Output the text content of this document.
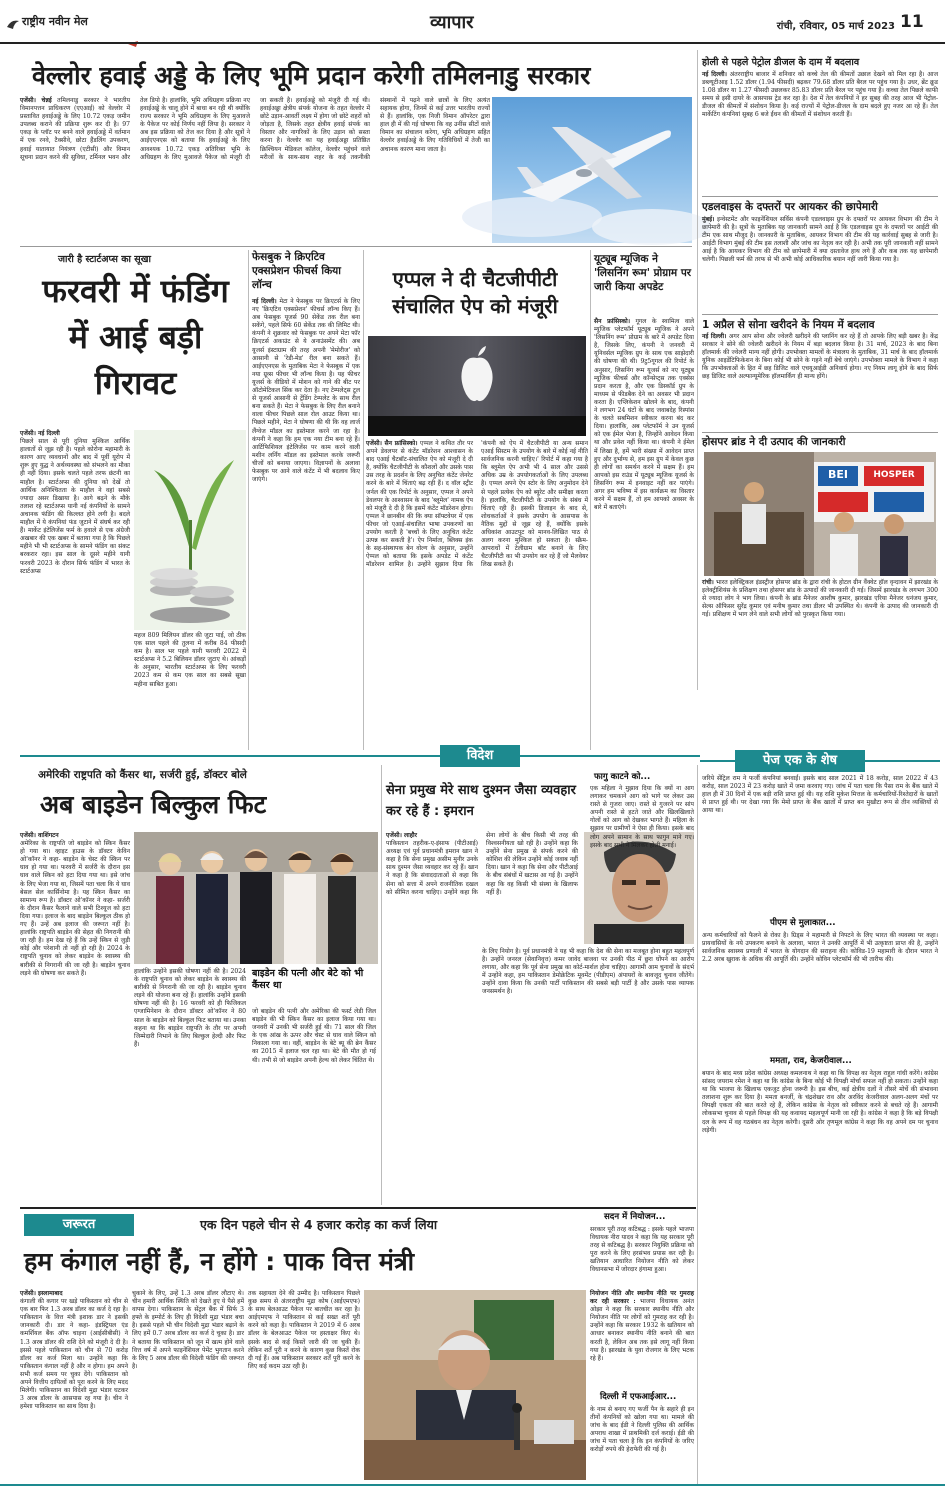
राष्ट्रीय नवीन मेल	व्यापार	रांची, रविवार, 05 मार्च 2023 11
वेल्लोर हवाई अड्डे के लिए भूमि प्रदान करेगी तमिलनाडु सरकार
एजेंसी। चेन्नई तमिलनाडु सरकार ने भारतीय विमानपत्तन प्राधिकरण (एएआई) को वेल्लोर में प्रस्तावित हवाईअड्डे के लिए 10.72 एकड़ जमीन उपलब्ध कराने की प्रक्रिया शुरू कर दी है। 97 एकड़ के प्लॉट पर बनने वाले हवाईअड्डे में वर्तमान में एक रनवे, टैक्सीवे, छोटा हैंडलिंग उपकरण, हवाई यातायात नियंत्रण (एटीसी) और विमान सूचना प्रदान करने की सुविधा, टर्मिनल भवन और तेल डिपो है। हालांकि, भूमि अधिग्रहण प्रक्रिया नए हवाईअड्डे के चालू होने में बाधा बन रही थी क्योंकि राज्य सरकार ने भूमि अधिग्रहण के लिए मुआवजे के पैकेज पर कोई निर्णय नहीं लिया है। सरकार ने अब इस प्रक्रिया को तेज कर दिया है और सूत्रों ने आईएएनएस को बताया कि हवाईअड्डे के लिए आवश्यक 10.72 एकड़ अतिरिक्त भूमि के अधिग्रहण के लिए मुआवजे पैकेज को मंजूरी दी जा सकती है। हवाईअड्डे को मंजूरी दी गई थी। हवाईअड्डा क्षेत्रीय संपर्क योजना के तहत वेल्लोर में छोटे उड़ान-आवर्ती लक्ष्य में होगा जो छोटे शहरों को जोड़ता है, जिसके तहत क्षेत्रीय हवाई संपर्क का विस्तार और नागरिकों के लिए उड़ान को सस्ता करना है। वेल्लोर का यह हवाईअड्डा प्रतिष्ठित क्रिश्चियन मेडिकल कॉलेज, वेल्लोर पहुंचने वाले मरीजों के साथ-साथ शहर के कई तकनीकी संस्थानों में पढ़ने वाले छात्रों के लिए अत्यंत सहायक होगा, जिनमें से कई उत्तर भारतीय राज्यों से हैं। हालांकि, एक निजी विमान ऑपरेटर द्वारा हाल ही में की गई घोषणा कि वह उनींस सीटों वाले विमान का संचालन करेगा, भूमि अधिग्रहण सहित वेल्लोर हवाईअड्डे के लिए गतिविधियों में तेजी का अचानक कारण माना जाता है।
होली से पहले पेट्रोल डीजल के दाम में बदलाव
नई दिल्ली। अंतरराष्ट्रीय बाजार में शनिवार को कच्चे तेल की कीमतों उछाल देखने को मिल रहा है। आज डब्ल्यूटीआइ 1.52 डॉलर (1.94 फीसदी) बढ़कर 79.68 डॉलर प्रति बैरल पर पहुंच गया है। उधर, ब्रेंट क्रूड 1.08 डॉलर या 1.27 फीसदी उछलकर 85.83 डॉलर प्रति बैरल पर पहुंच गया है। कच्चा तेल पिछले काफी समय से इसी दायरे के आसपास ट्रेड कर रहा है। देश में तेल कंपनियों ने हर सुबह की तरह आज भी पेट्रोल-डीजल की कीमतों में संशोधन किया है। कई राज्यों में पेट्रोल-डीजल के दाम बदले हुए नजर आ रहे हैं। तेल मार्केटिंग कंपनियां सुबह 6 बजे ईंधन की कीमतों में संशोधन करती हैं।
एडलवाइस के दफ्तरों पर आयकर की छापेमारी
मुंबई। इन्वेस्टमेंट और फाइनेंशियल सर्विस कंपनी एडलवाइस ग्रुप के दफ्तरों पर आयकर विभाग की टीम ने छापेमारी की है। सूत्रों के मुताबिक यह जानकारी सामने आई है कि एडलवाइस ग्रुप के दफ्तरों पर आईटी की टीम एक साथ मौजूद है। जानकारी के मुताबिक, आयकर विभाग की टीम की यह कार्रवाई सुबह से जारी है। आईटी विभाग मुंबई की टीम इस तलाशी और जांच का नेतृत्व कर रही है। अभी तक पूरी जानकारी नहीं सामने आई है कि आयकर विभाग की टीम को छापेमारी में क्या दस्तावेज हाथ लगे हैं और कब तक यह छापेमारी चलेगी। पिछली फर्म की तरफ से भी अभी कोई आधिकारिक बयान नहीं जारी किया गया है।
1 अप्रैल से सोना खरीदने के नियम में बदलाव
नई दिल्ली। अगर आप सोना और ज्वेलरी खरीदने की प्लानिंग कर रहे हैं तो आपके लिए बड़ी खबर है। केंद्र सरकार ने सोने की ज्वेलरी खरीदने के नियम में बड़ा बदलाव किया है। 31 मार्च, 2023 के बाद बिना हॉलमार्क की ज्वेलरी मान्य नहीं होगी। उपभोक्ता मामलों के मंत्रालय के मुताबिक, 31 मार्च के बाद हॉलमार्क यूनिक आइडेंटिफिकेशन के बिना कोई भी सोने के गहने नहीं बेचे जाएंगे। उपभोक्ता मामले के विभाग ने कहा कि उपभोक्ताओं के हित में छह डिजिट वाले एचयूआईडी अनिवार्य होगा। नए नियम लागू होने के बाद सिर्फ छह डिजिट वाले अल्फान्यूमेरिक हॉलमार्किंग ही मान्य होंगे।
होसपर ब्रांड ने दी उत्पाद की जानकारी
BEI	HOSPER
रांची। भारत इलेक्ट्रिकल इंडस्ट्रीज होसपर ब्रांड के द्वारा रांची के होटल ग्रीन वैंक्वेट हॉल वृन्दावन में झारखंड के इलेक्ट्रीशियंस के प्रशिक्षण तथा होसपर ब्रांड के उत्पादों की जानकारी दी गई। जिसमें झारखंड के लगभग 300 से ज्यादा लोग ने भाग लिया। कंपनी के ब्रांड मैनेजर आशीष कुमार, झारखंड एरिया मैनेजर धनंजय कुमार, सेल्स ऑफिसर सुरेंद्र कुमार एवं मनीष कुमार तथा डीलर भी उपस्थित थे। कंपनी के उत्पाद की जानकारी दी गई। प्रशिक्षण में भाग लेने वाले सभी लोगों को पुरस्कृत किया गया।
जारी है स्टार्टअप्स का सूखा
फरवरी में फंडिंग में आई बड़ी गिरावट
एजेंसी। नई दिल्ली
पिछले साल से पूरी दुनिया मुश्किल आर्थिक हालातों से जूझ रही है। पहले कोरोना महामारी के कारण आए व्यवधानों और बाद में पूर्वी यूरोप में शुरू हुए युद्ध ने अर्थव्यवस्था को संभलने का मौका ही नहीं दिया। इसके चलते पहले तरफ छंटनी का माहौल है। स्टार्टअप्स की दुनिया को देखें तो आर्थिक अनिश्चितता के माहौल ने वहां सबसे ज्यादा असर डिखाया है। आगे बढ़ने के मौके तलाश रहे स्टार्टअप्स यानी नई कंपनियों के सामने अचानक फंडिंग की किल्लत होने लगी है। बदले माहौल में ये कंपनियां फंड जुटाने में संघर्ष कर रही हैं। मार्केट इंटेलिजेंस फर्म के हवाले से एक अंग्रेजी अखबार की एक खबर में बताया गया है कि पिछले महीने भी भी स्टार्टअप्स के सामने फंडिंग का संकट बरकरार रहा। इस साल के दूसरे महीने यानी फरवरी 2023 के दौरान सिर्फ फंडिंग में भारत के स्टार्टअप्स
महज 809 मिलियन डॉलर की जुटा पाई, जो ठीक एक साल पहले की तुलना में करीब 84 फीसदी कम है। साल भर पहले यानी फरवरी 2022 में स्टार्टअप्स ने 5.2 बिलियन डॉलर जुटाए थे। आंकड़ों के अनुसार, भारतीय स्टार्टअप्स के लिए फरवरी 2023 कम से कम एक साल का सबसे सूखा महीना साबित हुआ।
फेसबुक ने क्रिएटिव एक्सप्रेशन फीचर्स किया लॉन्च
नई दिल्ली। मेटा ने फेसबुक पर क्रिएटर्स के लिए नए 'क्रिएटिव एक्सप्रेशन' फीचर्स लॉन्च किए हैं। अब फेसबुक यूजर्स 90 सेकेंड तक रील बना सकेंगे, पहले सिर्फ 60 सेकेंड तक की लिमिट थी। कंपनी ने शुक्रवार को फेसबुक पर अपने मेटा फॉर क्रिएटर्स अकाउंट से ये अनाउंसमेंट की। अब यूजर्स इंस्टाग्राम की तरह अपनी 'मेमोरीज' को आसानी से 'रेडी-मेड' रील बना सकते हैं। आईएएनएस के मुताबिक मेटा ने फेसबुक में एक नया ग्रूव्स फीचर भी लॉन्च किया है। यह फीचर यूजर्स के वीडियो में मोशन को गाने की बीट पर ऑटोमेटिकल सिंक कर देता है। नए टेम्पलेट्स टूल से यूजर्स आसानी से ट्रेंडिंग टेम्पलेट के साथ रील बना सकते हैं। मेटा ने फेसबुक के लिए रील बनाने वाला फीचर पिछले साल रोल आउट किया था। पिछले महीने, मेटा ने घोषणा की थी कि वह लार्ज लैंग्वेज मॉडल का इस्तेमाल करने जा रहा है। कंपनी ने कहा कि हम एक नया टीम बना रहे हैं। आर्टिफिशियल इंटेलिजेंस पर काम करने वाली मशीन लर्निंग मॉडल का इस्तेमाल करके जरूरी चीजों को बनाया जाएगा। विज्ञापनों के अलावा फेसबुक पर आने वाले कंटेंट में भी बदलाव किए जाएंगे।
एप्पल ने दी चैटजीपीटी संचालित ऐप को मंजूरी
एजेंसी। सैन फ्रांसिस्को। एप्पल ने कथित तौर पर अपने डेवलपर से कंटेंट मॉडरेशन आश्वासन के बाद एआई चैटबॉट-संचालित ऐप को मंजूरी दे दी है, क्योंकि चैटजीपीटी के कौशलों और उसके पास उस तरह के प्रदर्शन के लिए अनुचित कंटेंट जेनरेट करने के बारे में चिंताएं बढ़ रही हैं। द वॉल स्ट्रीट जर्नल की एक रिपोर्ट के अनुसार, एप्पल ने अपने डेवलपर के आश्वासन के बाद 'ब्लूमेल' नामक ऐप को मंजूरी दे दी है कि इसमें कंटेंट मॉडरेशन होगा। एप्पल ने छानबीन की कि क्या सॉफ्टवेयर में एक फीचर जो एआई-संचालित भाषा उपकरणों का उपयोग करती है 'बच्चों के लिए अनुचित कंटेंट उत्पन्न कर सकती है'। ऐप निर्माता, ब्लिक्स इंक के सह-संस्थापक बेन वोल्ग के अनुसार, उन्होंने ऐप्पल को बताया कि इसके अपडेट में कंटेंट मॉडरेशन शामिल है। उन्होंने सुझाव दिया कि 'कंपनी को ऐप में चैटजीपीटी या अन्य समान एआई सिस्टम के उपयोग के बारे में कोई नई नीति सार्वजनिक करनी चाहिए।' रिपोर्ट में कहा गया है कि ब्लूमेल ऐप अभी भी 4 साल और उससे अधिक उम्र के उपयोगकर्ताओं के लिए उपलब्ध है। एप्पल अपने ऐप स्टोर के लिए अनुमोदन देने से पहले प्रत्येक ऐप को ब्यूरेट और समीक्षा करता है। हालांकि, चैटजीपीटी के उपयोग के संबंध में चिंताएं रही हैं। इसकी डिजाइन के बाद से, शोधकर्ताओं ने इसके उपयोग के आसपास के नैतिक मुद्दों से जूझ रहे हैं, क्योंकि इसके अधिकांश आउटपुट को मानव-लिखित पाठ से अलग करना मुश्किल हो सकता है। स्क्रैम-आपराधों में टेलीग्राम बॉट बनाने के लिए चैटजीपीटी का भी उपयोग कर रहे हैं जो मैलवेयर लिख सकते हैं।
यूट्यूब म्यूजिक ने 'लिसनिंग रूम' प्रोग्राम पर जारी किया अपडेट
सैन फ्रांसिस्को। गूगल के स्वामित्व वाले म्यूजिक प्लेटफॉर्म यूट्यूब म्यूजिक ने अपने 'लिसनिंग रूम' प्रोग्राम के बारे में अपडेट दिया है, जिसके लिए, कंपनी ने जनवरी में यूनिवर्सल म्यूजिक ग्रुप के साथ एक साझेदारी की घोषणा की थी। 9टु5गूगल की रिपोर्ट के अनुसार, लिसनिंग रूम यूजर्स को नए यूट्यूब म्यूजिक फीचर्स और कॉन्सेप्ट्स तक एक्सेस प्रदान करता है, और एक डिस्कॉर्ड ग्रुप के माध्यम से फीडबैक देने का अवसर भी प्रदान करता है। एप्लिकेशन खोलने के बाद, कंपनी ने लगभग 24 घंटों के बाद जवाबदेह रिस्पांस के चलते सबमिशन स्वीकार करना बंद कर दिया। हालांकि, अब प्लेटफॉर्म ने उन यूजर्स को एक ईमेल भेजा है, जिन्होंने आवेदन किया था और प्रवेश नहीं किया था। कंपनी ने ईमेल में लिखा है, हमें भारी संख्या में आवेदन प्राप्त हुए और दुर्भाग्य से, हम इस ग्रुप में केवल कुछ ही लोगों का समर्थन करने में सक्षम हैं। हम आपको इस राउंड में यूट्यूब म्यूजिक यूजर्स के लिसनिंग रूम में इनवाइट नहीं कर पाएंगे। अगर हम भविष्य में इस कार्यक्रम का विस्तार करने में सक्षम हैं, तो हम आपको अवसर के बारे में बताएंगे।
विदेश	पेज एक के शेष
अमेरिकी राष्ट्रपति को कैंसर था, सर्जरी हुई, डॉक्टर बोले
अब बाइडेन बिल्कुल फिट
एजेंसी। वाशिंगटन
अमेरिका के राष्ट्रपति जो बाइडेन को स्किन कैंसर हो गया था। व्हाइट हाउस के डॉक्टर केविन ओ'कॉनर ने कहा- बाइडेन के चेस्ट की स्किन पर घाव हो गया था। फरवरी में सर्जरी के दौरान इस घाव वाले स्किन को हटा दिया गया था। इसे जांच के लिए भेजा गया था, जिसमें पता चला कि ये घाव बेसल सेल कार्सिनोमा है। यह स्किन कैंसर का सामान्य रूप है। डॉक्टर ओ'कॉनर ने कहा- सर्जरी के दौरान कैंसर फैलाने वाले सभी टिश्यूज को हटा दिया गया। इलाज के बाद बाइडेन बिल्कुल ठीक हो गए हैं। उन्हें अब इलाज की जरूरत नहीं है। हालांकि राष्ट्रपति बाइडेन की सेहत की निगरानी की जा रही है। हम देख रहे हैं कि उन्हें स्किन से जुड़ी कोई और परेशानी तो नहीं हो रही है। 2024 के राष्ट्रपति चुनाव को लेकर बाइडेन के स्वास्थ्य की बारीकी से निगरानी की जा रही है। बाइडेन चुनाव लड़ने की घोषणा कर सकते हैं।	हालांकि उन्होंने इसकी घोषणा नहीं की है। 2024 के राष्ट्रपति चुनाव को लेकर बाइडेन के स्वास्थ्य की बारीकी से निगरानी की जा रही है। बाइडेन चुनाव लड़ने की योजना बना रहे हैं। हालांकि उन्होंने इसकी घोषणा नहीं की है। 16 फरवरी को ही फिजिकल एग्जामिनेशन के दौरान डॉक्टर ओ'कॉनर ने 80 साल के बाइडेन को बिल्कुल फिट बताया था। उनका कहना था कि बाइडेन राष्ट्रपति के तौर पर अपनी जिम्मेदारी निभाने के लिए बिल्कुल हेल्दी और फिट हैं।
बाइडेन की पत्नी और बेटे को भी कैंसर था
जो बाइडेन की पत्नी और अमेरिका की फर्स्ट लेडी जिल बाइडेन की भी स्किन कैंसर का इलाज किया गया था। जनवरी में उनकी भी सर्जरी हुई थी। 71 साल की जिल के एक आंख के ऊपर और चेस्ट से घाव वाले स्किन को निकाला गया था। वहीं, बाइडेन के बेटे ब्यू की ब्रेन कैंसर का 2015 में इलाज चल रहा था। बेटे की मौत हो गई थी। तभी से जो बाइडेन अपनी हेल्थ को लेकर चिंतित थे।
सेना प्रमुख मेरे साथ दुश्मन जैसा व्यवहार कर रहे हैं : इमरान
एजेंसी। लाहौर
पाकिस्तान तहरीक-ए-इंसाफ (पीटीआई) अध्यक्ष एवं पूर्व प्रधानमंत्री इमरान खान ने कहा है कि सेना प्रमुख असीम मुनीर उनके साथ दुश्मन जैसा व्यवहार कर रहे हैं। खान ने कहा है कि संवाददाताओं से कहा कि सेना को सत्ता में अपने राजनीतिक दखल को सीमित करना चाहिए। उन्होंने कहा कि सेना लोगों के बीच किसी भी तरह की विश्वसनीयता खो रही है। उन्होंने कहा कि उन्होंने सेना प्रमुख से संपर्क करने की कोशिश की लेकिन उन्होंने कोई जवाब नहीं दिया। खान ने कहा कि सेना और पीटीआई के बीच संबंधों में खटास आ गई है। उन्होंने कहा कि वह किसी भी संस्था के खिलाफ नहीं हैं।
के लिए नियोग है। पूर्व प्रधानमंत्री ने यह भी कहा कि देश की सेना का मजबूत होना बहुत महत्वपूर्ण है। उन्होंने जनरल (सेवानिवृत्त) कमर जावेद बाजवा पर उनकी पीठ में छुरा घोंपने का आरोप लगाया, और कहा कि पूर्व सेना प्रमुख का कोर्ट-मार्शल होना चाहिए। आगामी आम चुनावों के संदर्भ में उन्होंने कहा, हम पाकिस्तान डेमोक्रेटिक मूवमेंट (पीडीएम) अंपायरों के बावजूद चुनाव जीतेंगे। उन्होंने दावा किया कि उनकी पार्टी पाकिस्तान की सबसे बड़ी पार्टी है और उसके पास व्यापक जनसमर्थन है।
फागु काटने को...
एक महिला ने मुझाव दिया कि क्यों ना आग लगाकर चमकाने आग को भागे पर लेकर उस रास्ते से गुजरा जाए। रास्ते से गुजरने पर सांप अपनी रास्ते से हटते जाते और खिलखिलाते गोलों को आग को देखकर भागते हैं। महिला के सुझाव पर ग्रामीणों ने ऐसा ही किया। इसके बाद लोग अपने सामान के साथ फागुन माने गए। इसके बाद सभी ने मिलकर होली मनाई।
जरिये सेंट्रिल राम ने फर्जी कंपनियां बनवाईं। इसके बाद साल 2021 में 18 करोड़, साल 2022 में 43 करोड़, साल 2023 में 23 करोड़ खाते में जमा करवाए गए। जांच में पता चला कि पैसा राम के बैंक खाते में हाल ही में 30 दिनों में एक बड़ी राशि प्राप्त हुई थी। यह राशि मुकेश मित्तल के कर्मचारियों-रिश्तेदारों के खातों से प्राप्त हुई थी। पर देखा गया कि मेमो प्राप्त के बैंक खातों में प्राप्त बन मुखौटा रूप से तीन व्यक्तियों से आया था।
पीएम से मुलाकात...
अन्य कर्मचारियों को फैलने से रोका है। ग्रिड्स ने महामारी से निपटने के लिए भारत की व्यवस्था पर कहा। प्रायवासियों के नये उपकरण बनाने के अलावा, भारत ने उनकी आपूर्ति में भी उत्कृष्टता प्राप्त की है, उन्होंने सार्वजनिक स्वास्थ्य प्रणाली में भारत के योगदान की सराहना की। कोविड-19 महामारी के दौरान भारत ने 2.2 अरब खुराक के अधिक की आपूर्ति की। उन्होंने कोविन प्लेटफॉर्म की भी तारीफ की।
ममता, राव, केजरीवाल...
बयान के बाद मध्य प्रदेश कांग्रेस अध्यक्ष कमलनाथ ने कहा था कि विपक्ष का नेतृत्व राहुल गांधी करेंगे। कांग्रेस सांसद जयराम रमेश ने कहा था कि कांग्रेस के बिना कोई भी विपक्षी मोर्चा सफल नहीं हो सकता। उन्होंने कहा था कि भाजपा के खिलाफ एकजुट होना जरूरी है। इस बीच, कई क्षेत्रीय दलों ने तीसरे मोर्चे की संभावना तलाशना शुरू कर दिया है। ममता बनर्जी, के चंद्रशेखर राव और अरविंद केजरीवाल अलग-अलग मंचों पर विपक्षी एकता की बात करते रहे हैं, लेकिन कांग्रेस के नेतृत्व को स्वीकार करने से बचते रहे हैं। आगामी लोकसभा चुनाव से पहले विपक्ष की यह कवायद महत्वपूर्ण मानी जा रही है। कांग्रेस ने कहा है कि बड़े विपक्षी दल के रूप में वह गठबंधन का नेतृत्व करेगी। दूसरी ओर तृणमूल कांग्रेस ने कहा कि वह अपने दम पर चुनाव लड़ेगी।
जरूरत	एक दिन पहले चीन से 4 हजार करोड़ का कर्ज लिया
हम कंगाल नहीं हैं, न होंगे : पाक वित्त मंत्री
एजेंसी। इस्लामाबाद
कंगाली की कगार पर खड़े पाकिस्तान को चीन से एक बार फिर 1.3 अरब डॉलर का कर्ज दे रहा है। पाकिस्तान के वित्त मंत्री इशाक डार ने इसकी जानकारी दी। डार ने कहा- इंडस्ट्रियल एंड कमर्शियल बैंक ऑफ चाइना (आईसीबीसी) ने 1.3 अरब डॉलर की राशि देने को मंजूरी दे दी है। इससे पहले पाकिस्तान को चीन से 70 करोड़ डॉलर का कर्ज मिला था। उन्होंने कहा कि पाकिस्तान कंगाल नहीं है और न होगा। हम अपने सभी कर्ज समय पर चुका देंगे। पाकिस्तान को अपने वित्तीय दायित्वों को पूरा करने के लिए मदद मिलेगी। पाकिस्तान का विदेशी मुद्रा भंडार घटकर 3 अरब डॉलर के आसपास रह गया है। चीन ने हमेशा पाकिस्तान का साथ दिया है।
चुकाने के लिए, उन्हें 1.3 अरब डॉलर लौटाए थे। चीन हमारी आर्थिक स्थिति को देखते हुए ये पैसे हमें वापस देगा। पाकिस्तान के सेंट्रल बैंक में सिर्फ 3 हफ्ते के इम्पोर्ट के लिए ही विदेशी मुद्रा भंडार बचा है। इससे पहले भी चीन विदेशी मुद्रा भंडार बढ़ाने के लिए हमें 0.7 अरब डॉलर का कर्ज दे चुका है। डार ने बताया कि पाकिस्तान को जून में खत्म होने वाले वित्त वर्ष में अपने फाइनेंशियल पेमेंट भुगतान करने के लिए 5 अरब डॉलर की विदेशी फंडिंग की जरूरत है।
तक सहायता देने की उम्मीद है। पाकिस्तान पिछले कुछ समय से अंतरराष्ट्रीय मुद्रा कोष (आईएमएफ) के साथ बेलआउट पैकेज पर बातचीत कर रहा है। आईएमएफ ने पाकिस्तान से कई सख्त शर्तें पूरी करने को कहा है। पाकिस्तान ने 2019 में 6 अरब डॉलर के बेलआउट पैकेज पर हस्ताक्षर किए थे। इसके बाद से कई किस्तें जारी की जा चुकी हैं। लेकिन शर्तें पूरी न करने के कारण कुछ किस्तें रोक दी गई हैं। अब पाकिस्तान सरकार शर्तें पूरी करने के लिए कई कदम उठा रही है।
सदन में नियोजन...
सरकार पूरी तरह कटिबद्ध : इसके पहले भाजपा विधायक नीरा यादव ने कहा कि यह सरकार पूरी तरह से कटिबद्ध है। सरकार नियुक्ति प्रक्रिया को पूरा करने के लिए हरसंभव प्रयास कर रही है। खतियान आधारित नियोजन नीति को लेकर विधानसभा में जोरदार हंगामा हुआ।
नियोजन नीति और स्थानीय नीति पर गुमराह कर रही सरकार : भाजपा विधायक अनंत ओझा ने कहा कि सरकार स्थानीय नीति और नियोजन नीति पर लोगों को गुमराह कर रही है। उन्होंने कहा कि सरकार 1932 के खतियान को आधार बनाकर स्थानीय नीति बनाने की बात करती है, लेकिन अब तक इसे लागू नहीं किया गया है। झारखंड के युवा रोजगार के लिए भटक रहे हैं।
दिल्ली में एफआईआर...
के नाम से बनाए गए फर्जी पैन के सहारे ही इन तीनों कंपनियों को खोला गया था। मामले की जांच के बाद ईडी ने दिल्ली पुलिस की आर्थिक अपराध शाखा में प्राथमिकी दर्ज कराई। ईडी की जांच में पता चला है कि इन कंपनियों के जरिए करोड़ों रुपये की हेराफेरी की गई है।
